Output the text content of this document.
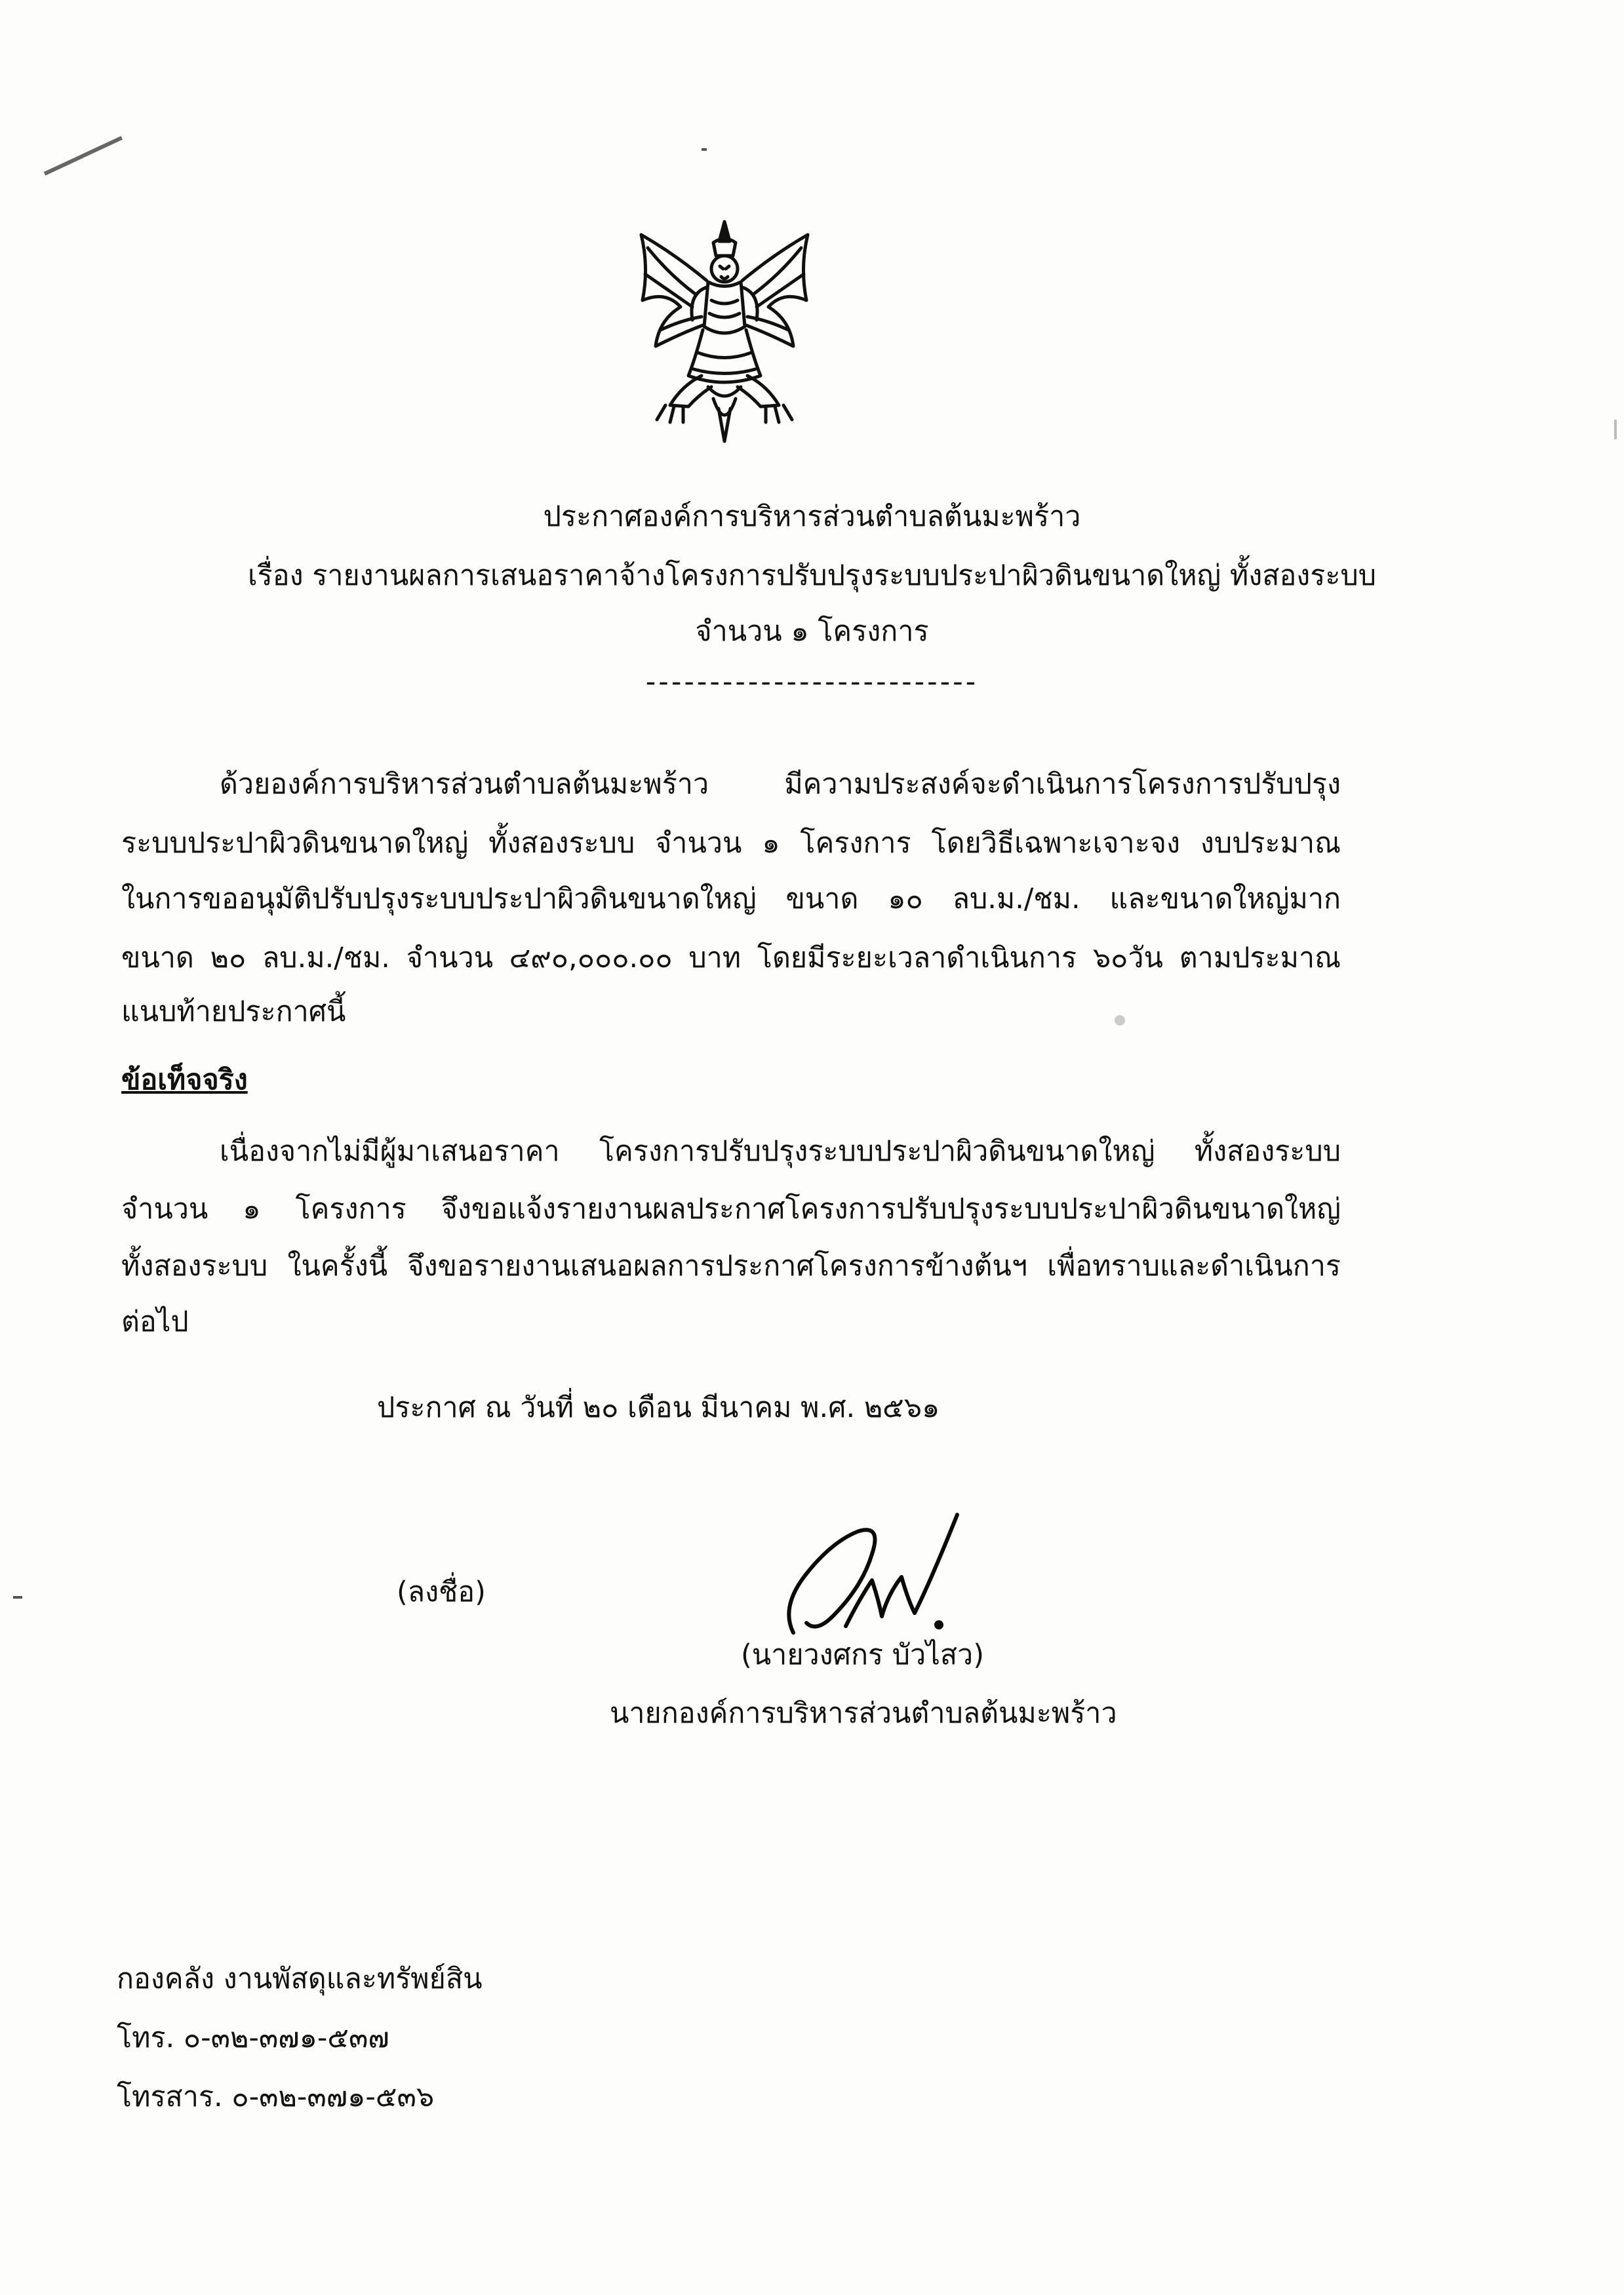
ประกาศองค์การบริหารส่วนตำบลต้นมะพร้าว
เรื่อง รายงานผลการเสนอราคาจ้างโครงการปรับปรุงระบบประปาผิวดินขนาดใหญ่ ทั้งสองระบบ
จำนวน ๑ โครงการ
--------------------------
ด้วยองค์การบริหารส่วนตำบลต้นมะพร้าว มีความประสงค์จะดำเนินการโครงการปรับปรุง
ระบบประปาผิวดินขนาดใหญ่ ทั้งสองระบบ จำนวน ๑ โครงการ โดยวิธีเฉพาะเจาะจง งบประมาณ
ในการขออนุมัติปรับปรุงระบบประปาผิวดินขนาดใหญ่ ขนาด ๑๐ ลบ.ม./ชม. และขนาดใหญ่มาก
ขนาด ๒๐ ลบ.ม./ชม. จำนวน ๔๙๐,๐๐๐.๐๐ บาท โดยมีระยะเวลาดำเนินการ ๖๐วัน ตามประมาณ
แนบท้ายประกาศนี้
ข้อเท็จจริง
เนื่องจากไม่มีผู้มาเสนอราคา โครงการปรับปรุงระบบประปาผิวดินขนาดใหญ่ ทั้งสองระบบ
จำนวน ๑ โครงการ จึงขอแจ้งรายงานผลประกาศโครงการปรับปรุงระบบประปาผิวดินขนาดใหญ่
ทั้งสองระบบ ในครั้งนี้ จึงขอรายงานเสนอผลการประกาศโครงการข้างต้นฯ เพื่อทราบและดำเนินการ
ต่อไป
ประกาศ ณ วันที่ ๒๐ เดือน มีนาคม พ.ศ. ๒๕๖๑
(ลงชื่อ)
(นายวงศกร บัวไสว)
นายกองค์การบริหารส่วนตำบลต้นมะพร้าว
กองคลัง งานพัสดุและทรัพย์สิน
โทร. ๐-๓๒-๓๗๑-๕๓๗
โทรสาร. ๐-๓๒-๓๗๑-๕๓๖
